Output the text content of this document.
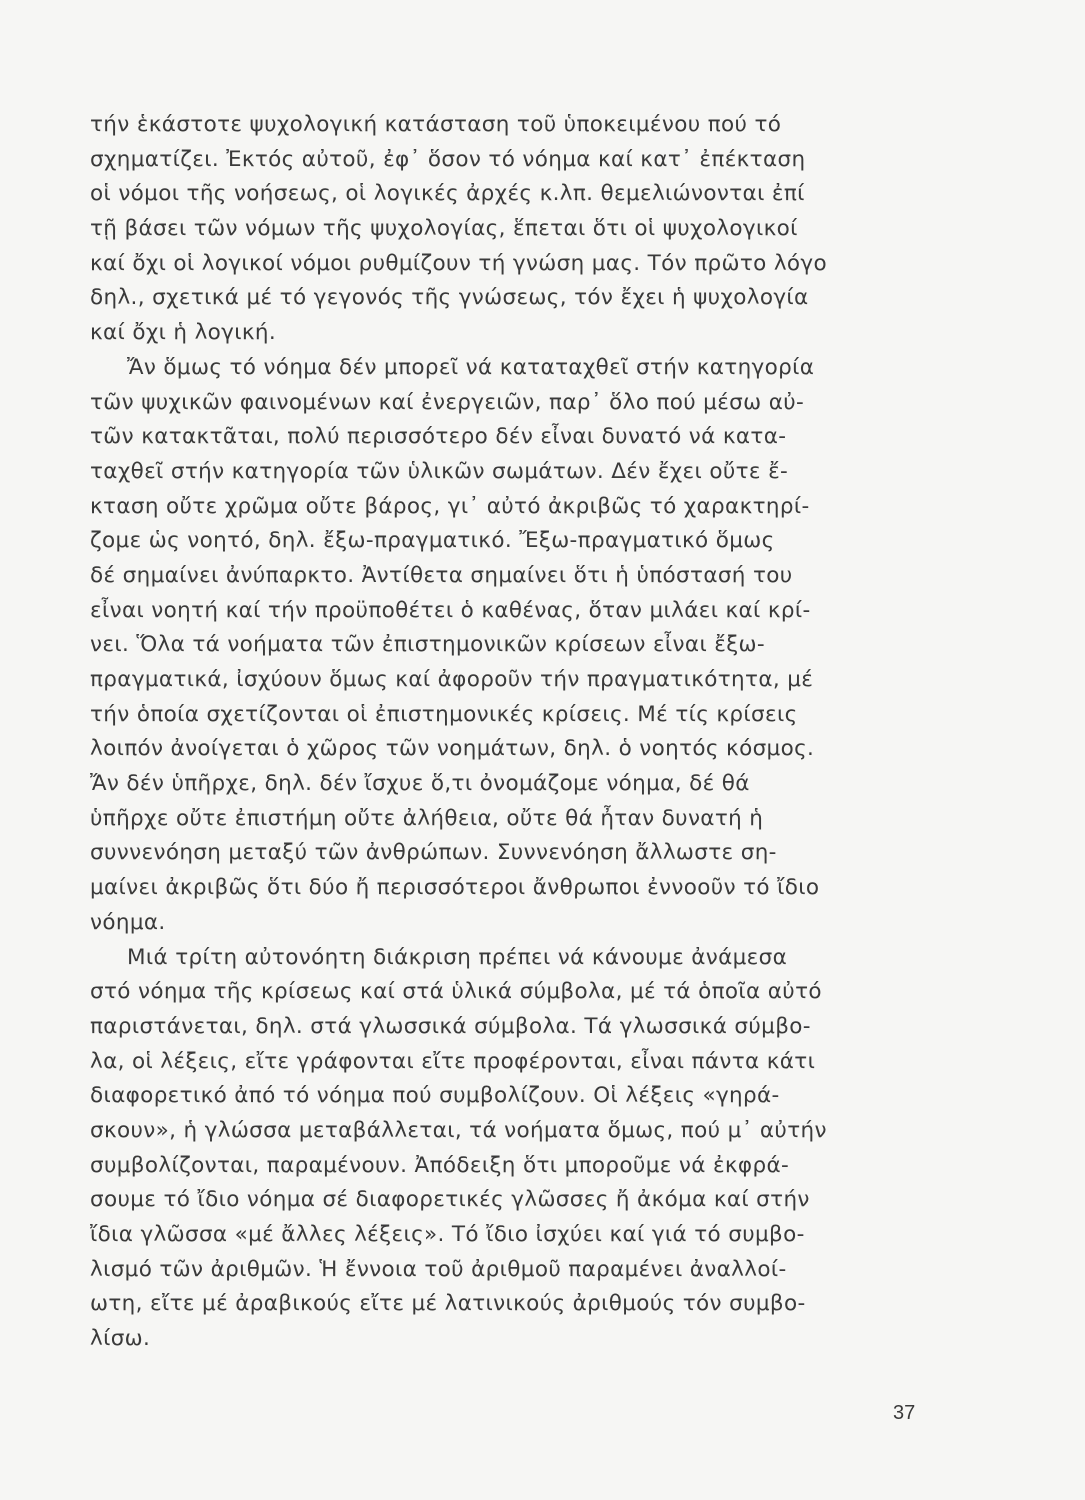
τήν ἑκάστοτε ψυχολογική κατάσταση τοῦ ὑποκειμένου πού τό
σχηματίζει. Ἐκτός αὐτοῦ, ἐφ᾽ ὅσον τό νόημα καί κατ᾽ ἐπέκταση
οἱ νόμοι τῆς νοήσεως, οἱ λογικές ἀρχές κ.λπ. θεμελιώνονται ἐπί
τῇ βάσει τῶν νόμων τῆς ψυχολογίας, ἕπεται ὅτι οἱ ψυχολογικοί
καί ὄχι οἱ λογικοί νόμοι ρυθμίζουν τή γνώση μας. Τόν πρῶτο λόγο
δηλ., σχετικά μέ τό γεγονός τῆς γνώσεως, τόν ἔχει ἡ ψυχολογία
καί ὄχι ἡ λογική.
Ἄν ὅμως τό νόημα δέν μπορεῖ νά καταταχθεῖ στήν κατηγορία
τῶν ψυχικῶν φαινομένων καί ἐνεργειῶν, παρ᾽ ὅλο πού μέσω αὐ-
τῶν κατακτᾶται, πολύ περισσότερο δέν εἶναι δυνατό νά κατα-
ταχθεῖ στήν κατηγορία τῶν ὑλικῶν σωμάτων. Δέν ἔχει οὔτε ἔ-
κταση οὔτε χρῶμα οὔτε βάρος, γι᾽ αὐτό ἀκριβῶς τό χαρακτηρί-
ζομε ὡς νοητό, δηλ. ἔξω-πραγματικό. Ἔξω-πραγματικό ὅμως
δέ σημαίνει ἀνύπαρκτο. Ἀντίθετα σημαίνει ὅτι ἡ ὑπόστασή του
εἶναι νοητή καί τήν προϋποθέτει ὁ καθένας, ὅταν μιλάει καί κρί-
νει. Ὅλα τά νοήματα τῶν ἐπιστημονικῶν κρίσεων εἶναι ἔξω-
πραγματικά, ἰσχύουν ὅμως καί ἀφοροῦν τήν πραγματικότητα, μέ
τήν ὁποία σχετίζονται οἱ ἐπιστημονικές κρίσεις. Μέ τίς κρίσεις
λοιπόν ἀνοίγεται ὁ χῶρος τῶν νοημάτων, δηλ. ὁ νοητός κόσμος.
Ἄν δέν ὑπῆρχε, δηλ. δέν ἴσχυε ὅ,τι ὀνομάζομε νόημα, δέ θά
ὑπῆρχε οὔτε ἐπιστήμη οὔτε ἀλήθεια, οὔτε θά ἦταν δυνατή ἡ
συννενόηση μεταξύ τῶν ἀνθρώπων. Συννενόηση ἄλλωστε ση-
μαίνει ἀκριβῶς ὅτι δύο ἤ περισσότεροι ἄνθρωποι ἐννοοῦν τό ἴδιο
νόημα.
Μιά τρίτη αὐτονόητη διάκριση πρέπει νά κάνουμε ἀνάμεσα
στό νόημα τῆς κρίσεως καί στά ὑλικά σύμβολα, μέ τά ὁποῖα αὐτό
παριστάνεται, δηλ. στά γλωσσικά σύμβολα. Τά γλωσσικά σύμβο-
λα, οἱ λέξεις, εἴτε γράφονται εἴτε προφέρονται, εἶναι πάντα κάτι
διαφορετικό ἀπό τό νόημα πού συμβολίζουν. Οἱ λέξεις «γηρά-
σκουν», ἡ γλώσσα μεταβάλλεται, τά νοήματα ὅμως, πού μ᾽ αὐτήν
συμβολίζονται, παραμένουν. Ἀπόδειξη ὅτι μποροῦμε νά ἐκφρά-
σουμε τό ἴδιο νόημα σέ διαφορετικές γλῶσσες ἤ ἀκόμα καί στήν
ἴδια γλῶσσα «μέ ἄλλες λέξεις». Τό ἴδιο ἰσχύει καί γιά τό συμβο-
λισμό τῶν ἀριθμῶν. Ἡ ἔννοια τοῦ ἀριθμοῦ παραμένει ἀναλλοί-
ωτη, εἴτε μέ ἀραβικούς εἴτε μέ λατινικούς ἀριθμούς τόν συμβο-
λίσω.
37
